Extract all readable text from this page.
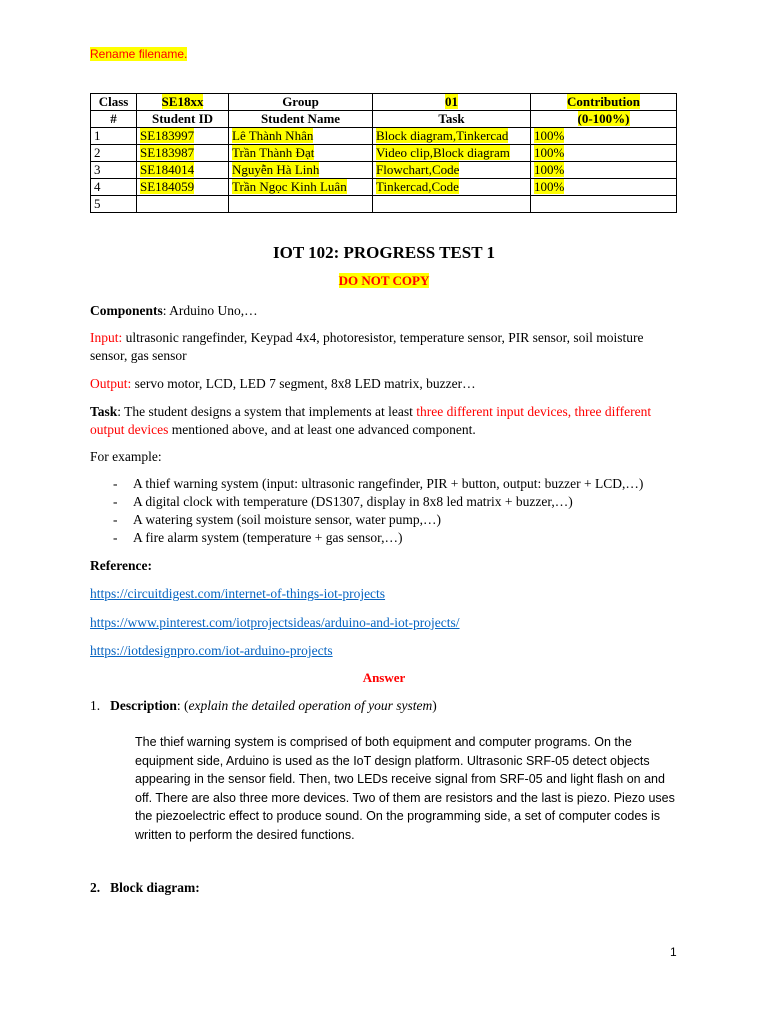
Rename filename.
Class	SE18xx	Group	01	Contribution
#	Student ID	Student Name	Task	(0-100%)
1	SE183997	Lê Thành Nhân	Block diagram,Tinkercad	100%
2	SE183987	Trần Thành Đạt	Video clip,Block diagram	100%
3	SE184014	Nguyễn Hà Linh	Flowchart,Code	100%
4	SE184059	Trần Ngọc Kinh Luân	Tinkercad,Code	100%
5				
IOT 102: PROGRESS TEST 1
DO NOT COPY
Components: Arduino Uno,…
Input: ultrasonic rangefinder, Keypad 4x4, photoresistor, temperature sensor, PIR sensor, soil moisture sensor, gas sensor
Output: servo motor, LCD, LED 7 segment, 8x8 LED matrix, buzzer…
Task: The student designs a system that implements at least three different input devices, three different output devices mentioned above, and at least one advanced component.
For example:
- A thief warning system (input: ultrasonic rangefinder, PIR + button, output: buzzer + LCD,…)
- A digital clock with temperature (DS1307, display in 8x8 led matrix + buzzer,…)
- A watering system (soil moisture sensor, water pump,…)
- A fire alarm system (temperature + gas sensor,…)
Reference:
https://circuitdigest.com/internet-of-things-iot-projects
https://www.pinterest.com/iotprojectsideas/arduino-and-iot-projects/
https://iotdesignpro.com/iot-arduino-projects
Answer
1. Description: (explain the detailed operation of your system)
The thief warning system is comprised of both equipment and computer programs. On the equipment side, Arduino is used as the IoT design platform. Ultrasonic SRF-05 detect objects appearing in the sensor field. Then, two LEDs receive signal from SRF-05 and light flash on and off. There are also three more devices. Two of them are resistors and the last is piezo. Piezo uses the piezoelectric effect to produce sound. On the programming side, a set of computer codes is written to perform the desired functions.
2. Block diagram:
1
